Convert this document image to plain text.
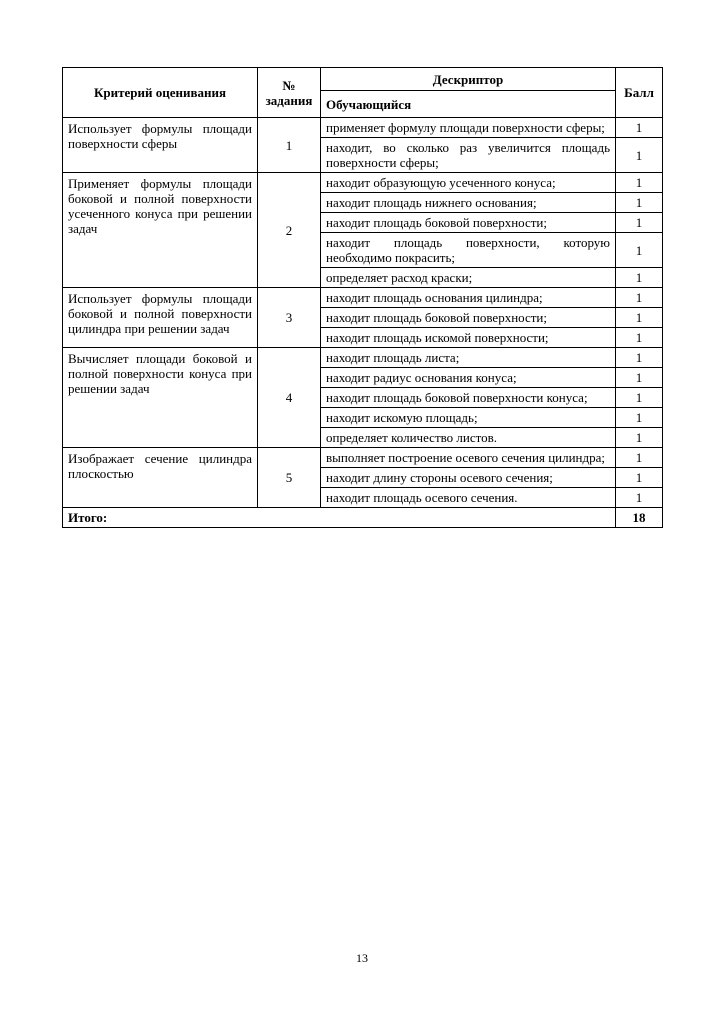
Критерий оценивания	№ задания	Дескриптор	Балл
		Обучающийся	
Использует формулы площади поверхности сферы	1	применяет формулу площади поверхности сферы;	1
		находит, во сколько раз увеличится площадь поверхности сферы;	1
Применяет формулы площади боковой и полной поверхности усеченного конуса при решении задач	2	находит образующую усеченного конуса;	1
		находит площадь нижнего основания;	1
		находит площадь боковой поверхности;	1
		находит площадь поверхности, которую необходимо покрасить;	1
		определяет расход краски;	1
Использует формулы площади боковой и полной поверхности цилиндра при решении задач	3	находит площадь основания цилиндра;	1
		находит площадь боковой поверхности;	1
		находит площадь искомой поверхности;	1
Вычисляет площади боковой и полной поверхности конуса при решении задач	4	находит площадь листа;	1
		находит радиус основания конуса;	1
		находит площадь боковой поверхности конуса;	1
		находит искомую площадь;	1
		определяет количество листов.	1
Изображает сечение цилиндра плоскостью	5	выполняет построение осевого сечения цилиндра;	1
		находит длину стороны осевого сечения;	1
		находит площадь осевого сечения.	1
Итого:			18
13
